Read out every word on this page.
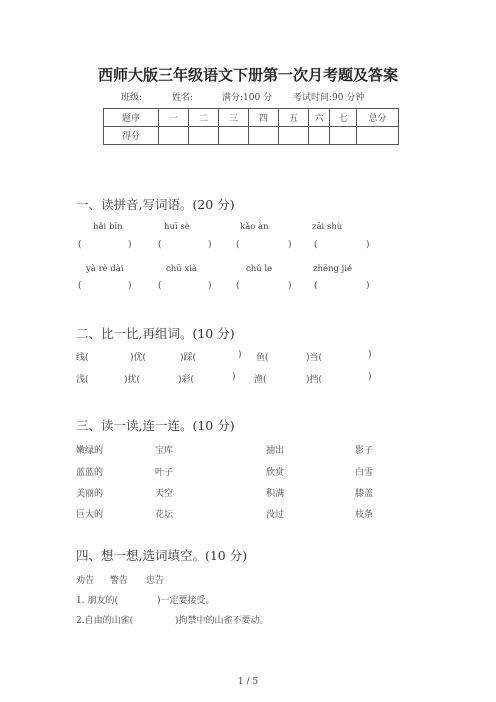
西师大版三年级语文下册第一次月考题及答案
班级:	姓名:	满分:100 分 考试时间:90 分钟
题序	一	二	三	四	五	六	七	总分
得分								
一、读拼音,写词语。(20 分)
hǎi bīn	huī sè	kǎo àn	zāi shù
(	)	(	)	(	) (	)
yà rè dài	chū xià	chú le	zhēng jié
(	)	(	)	(	) (	)
二、比一比,再组词。(10 分)
线(	)优(	)踩(	) 鱼(	)当(	)
浅(	)扰(	)彩(	) 渔(	)挡(	)
三、读一读,连一连。(10 分)
嫩绿的	宝库	抽出	影子
蓝蓝的	叶子	欣赏	白雪
美丽的	天空	积满	膝盖
巨大的	花坛	没过	枝条
四、想一想,选词填空。(10 分)
劝告 警告 忠告
1. 朋友的(	)一定要接受。
2.自由的山雀(	)拘禁中的山雀不要动。
1 / 5
